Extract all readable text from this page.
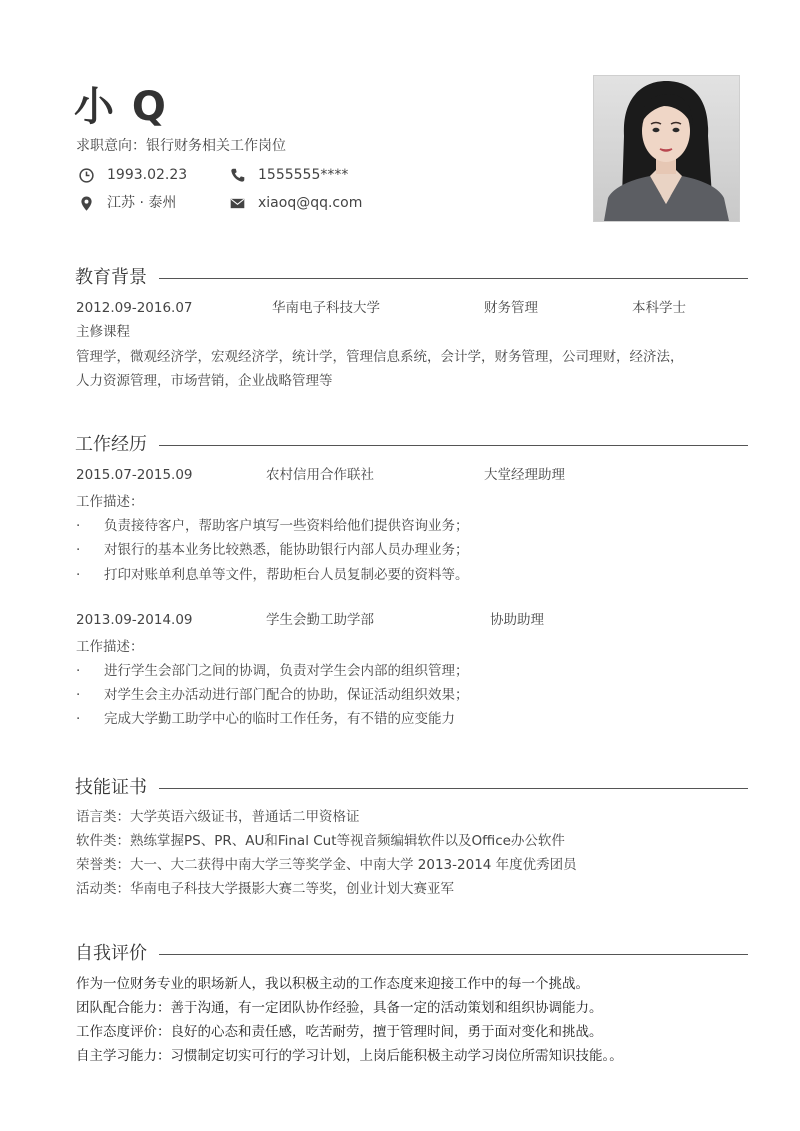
小 Q
求职意向：银行财务相关工作岗位
1993.02.23	1555555****
江苏 · 泰州	xiaoq@qq.com
教育背景
2012.09-2016.07	华南电子科技大学	财务管理	本科学士
主修课程
管理学，微观经济学，宏观经济学，统计学，管理信息系统，会计学，财务管理，公司理财，经济法，
人力资源管理，市场营销，企业战略管理等
工作经历
2015.07-2015.09	农村信用合作联社	大堂经理助理
工作描述：
· 负责接待客户，帮助客户填写一些资料给他们提供咨询业务；
· 对银行的基本业务比较熟悉，能协助银行内部人员办理业务；
· 打印对账单利息单等文件，帮助柜台人员复制必要的资料等。
2013.09-2014.09	学生会勤工助学部	协助助理
工作描述：
· 进行学生会部门之间的协调，负责对学生会内部的组织管理；
· 对学生会主办活动进行部门配合的协助，保证活动组织效果；
· 完成大学勤工助学中心的临时工作任务，有不错的应变能力
技能证书
语言类：大学英语六级证书，普通话二甲资格证
软件类：熟练掌握PS、PR、AU和Final Cut等视音频编辑软件以及Office办公软件
荣誉类：大一、大二获得中南大学三等奖学金、中南大学 2013-2014 年度优秀团员
活动类：华南电子科技大学摄影大赛二等奖，创业计划大赛亚军
自我评价
作为一位财务专业的职场新人，我以积极主动的工作态度来迎接工作中的每一个挑战。
团队配合能力：善于沟通，有一定团队协作经验，具备一定的活动策划和组织协调能力。
工作态度评价：良好的心态和责任感，吃苦耐劳，擅于管理时间，勇于面对变化和挑战。
自主学习能力：习惯制定切实可行的学习计划，上岗后能积极主动学习岗位所需知识技能。。
